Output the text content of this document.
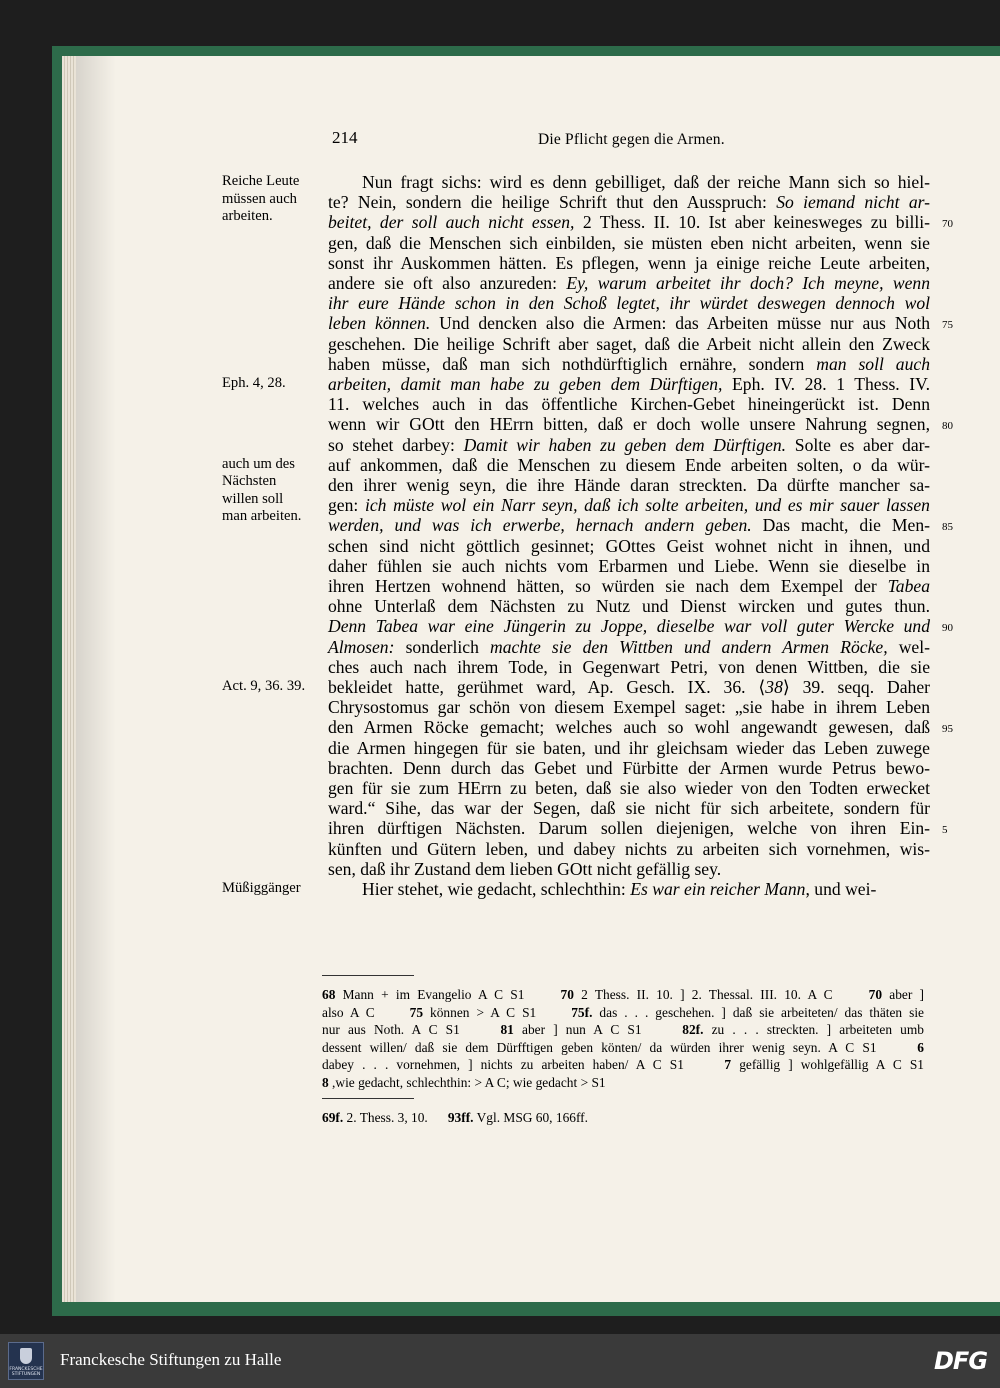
214	Die Pflicht gegen die Armen.
Reiche Leute
müssen auch
arbeiten.
Eph. 4, 28.
auch um des
Nächsten
willen soll
man arbeiten.
Act. 9, 36. 39.
Müßiggänger
70
75
80
85
90
95
5
Nun fragt sichs: wird es denn gebilliget, daß der reiche Mann sich so hiel-
te? Nein, sondern die heilige Schrift thut den Ausspruch: So iemand nicht ar-
beitet, der soll auch nicht essen, 2 Thess. II. 10. Ist aber keinesweges zu billi-
gen, daß die Menschen sich einbilden, sie müsten eben nicht arbeiten, wenn sie
sonst ihr Auskommen hätten. Es pflegen, wenn ja einige reiche Leute arbeiten,
andere sie oft also anzureden: Ey, warum arbeitet ihr doch? Ich meyne, wenn
ihr eure Hände schon in den Schoß legtet, ihr würdet deswegen dennoch wol
leben können. Und dencken also die Armen: das Arbeiten müsse nur aus Noth
geschehen. Die heilige Schrift aber saget, daß die Arbeit nicht allein den Zweck
haben müsse, daß man sich nothdürftiglich ernähre, sondern man soll auch
arbeiten, damit man habe zu geben dem Dürftigen, Eph. IV. 28. 1 Thess. IV.
11. welches auch in das öffentliche Kirchen-Gebet hineingerückt ist. Denn
wenn wir GOtt den HErrn bitten, daß er doch wolle unsere Nahrung segnen,
so stehet darbey: Damit wir haben zu geben dem Dürftigen. Solte es aber dar-
auf ankommen, daß die Menschen zu diesem Ende arbeiten solten, o da wür-
den ihrer wenig seyn, die ihre Hände daran streckten. Da dürfte mancher sa-
gen: ich müste wol ein Narr seyn, daß ich solte arbeiten, und es mir sauer lassen
werden, und was ich erwerbe, hernach andern geben. Das macht, die Men-
schen sind nicht göttlich gesinnet; GOttes Geist wohnet nicht in ihnen, und
daher fühlen sie auch nichts vom Erbarmen und Liebe. Wenn sie dieselbe in
ihren Hertzen wohnend hätten, so würden sie nach dem Exempel der Tabea
ohne Unterlaß dem Nächsten zu Nutz und Dienst wircken und gutes thun.
Denn Tabea war eine Jüngerin zu Joppe, dieselbe war voll guter Wercke und
Almosen: sonderlich machte sie den Wittben und andern Armen Röcke, wel-
ches auch nach ihrem Tode, in Gegenwart Petri, von denen Wittben, die sie
bekleidet hatte, gerühmet ward, Ap. Gesch. IX. 36. ⟨38⟩ 39. seqq. Daher
Chrysostomus gar schön von diesem Exempel saget: „sie habe in ihrem Leben
den Armen Röcke gemacht; welches auch so wohl angewandt gewesen, daß
die Armen hingegen für sie baten, und ihr gleichsam wieder das Leben zuwege
brachten. Denn durch das Gebet und Fürbitte der Armen wurde Petrus bewo-
gen für sie zum HErrn zu beten, daß sie also wieder von den Todten erwecket
ward.“ Sihe, das war der Segen, daß sie nicht für sich arbeitete, sondern für
ihren dürftigen Nächsten. Darum sollen diejenigen, welche von ihren Ein-
künften und Gütern leben, und dabey nichts zu arbeiten sich vornehmen, wis-
sen, daß ihr Zustand dem lieben GOtt nicht gefällig sey.
Hier stehet, wie gedacht, schlechthin: Es war ein reicher Mann, und wei-
68 Mann + im Evangelio A C S1     70 2 Thess. II. 10. ] 2. Thessal. III. 10. A C     70 aber ]
also A C     75 können > A C S1     75f. das . . . geschehen. ] daß sie arbeiteten/ das thäten sie
nur aus Noth. A C S1     81 aber ] nun A C S1     82f. zu . . . streckten. ] arbeiteten umb
dessent willen/ daß sie dem Dürfftigen geben könten/ da würden ihrer wenig seyn. A C S1     6
dabey . . . vornehmen, ] nichts zu arbeiten haben/ A C S1     7 gefällig ] wohlgefällig A C S1
8 ,wie gedacht, schlechthin: > A C; wie gedacht > S1
69f. 2. Thess. 3, 10.      93ff. Vgl. MSG 60, 166ff.
FRANCKESCHE STIFTUNGEN
Franckesche Stiftungen zu Halle	DFG
